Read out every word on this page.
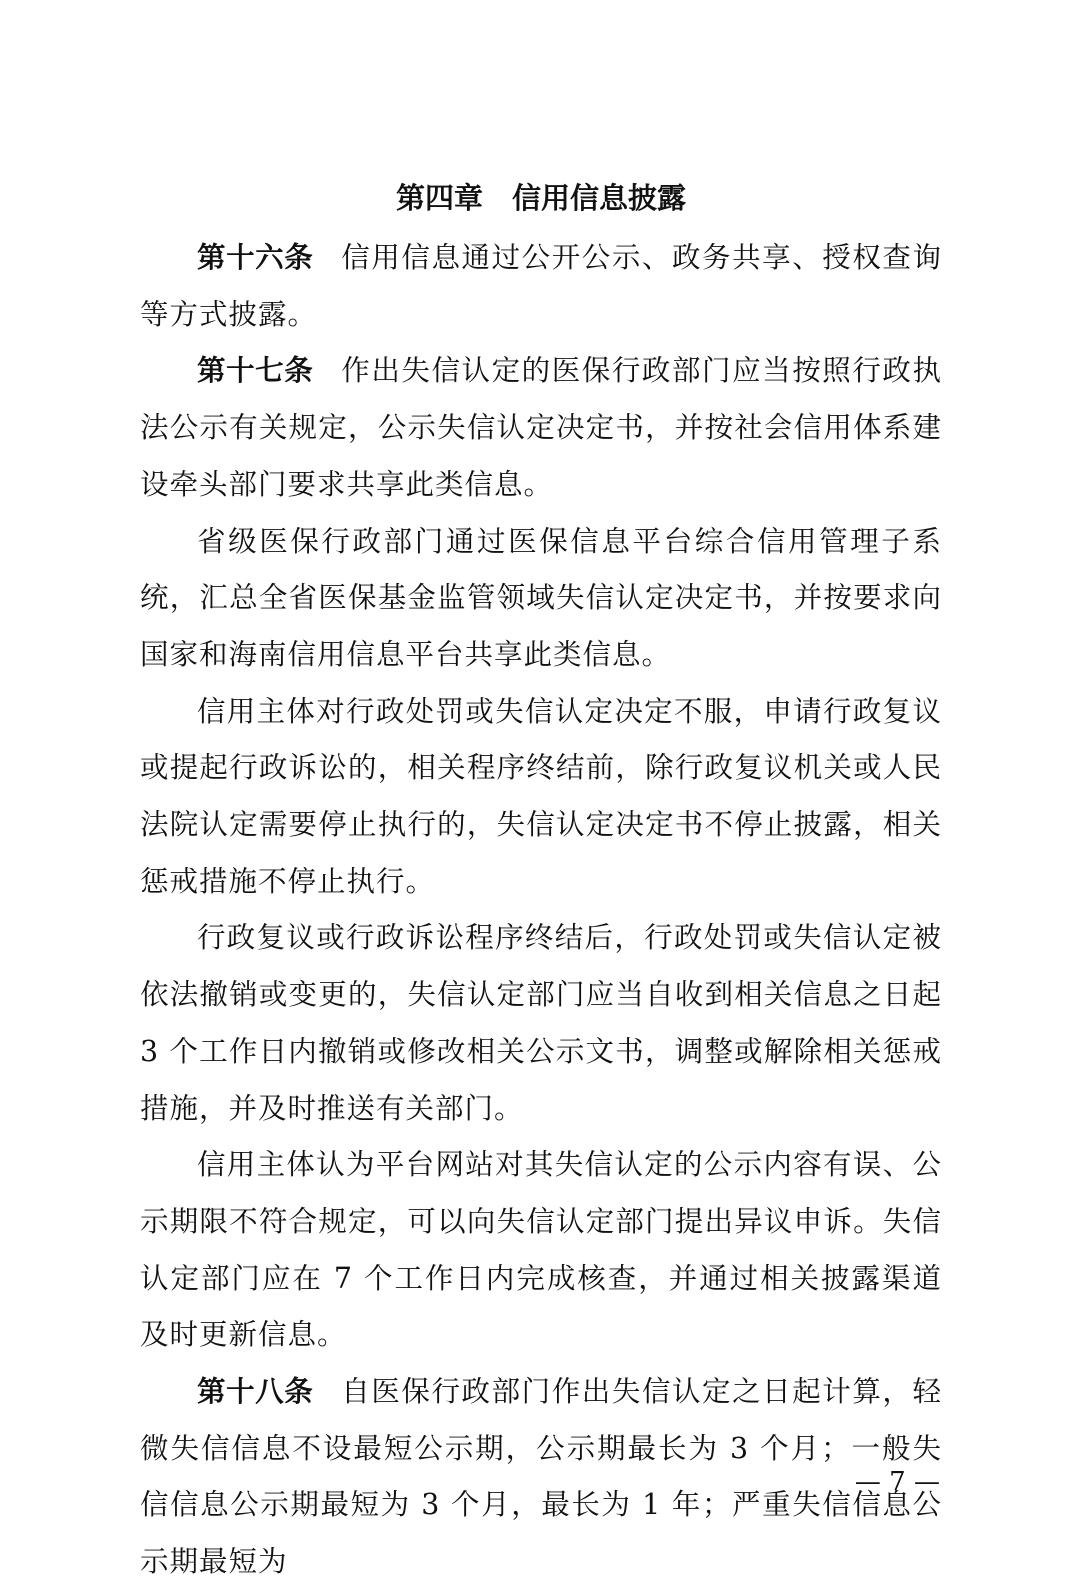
第四章　信用信息披露

第十六条 信用信息通过公开公示、政务共享、授权查询等方式披露。

第十七条 作出失信认定的医保行政部门应当按照行政执法公示有关规定，公示失信认定决定书，并按社会信用体系建设牵头部门要求共享此类信息。

省级医保行政部门通过医保信息平台综合信用管理子系统，汇总全省医保基金监管领域失信认定决定书，并按要求向国家和海南信用信息平台共享此类信息。

信用主体对行政处罚或失信认定决定不服，申请行政复议或提起行政诉讼的，相关程序终结前，除行政复议机关或人民法院认定需要停止执行的，失信认定决定书不停止披露，相关惩戒措施不停止执行。

行政复议或行政诉讼程序终结后，行政处罚或失信认定被依法撤销或变更的，失信认定部门应当自收到相关信息之日起 3 个工作日内撤销或修改相关公示文书，调整或解除相关惩戒措施，并及时推送有关部门。

信用主体认为平台网站对其失信认定的公示内容有误、公示期限不符合规定，可以向失信认定部门提出异议申诉。失信认定部门应在 7 个工作日内完成核查，并通过相关披露渠道及时更新信息。

第十八条 自医保行政部门作出失信认定之日起计算，轻微失信信息不设最短公示期，公示期最长为 3 个月；一般失信信息公示期最短为 3 个月，最长为 1 年；严重失信信息公示期最短为

— 7 —
